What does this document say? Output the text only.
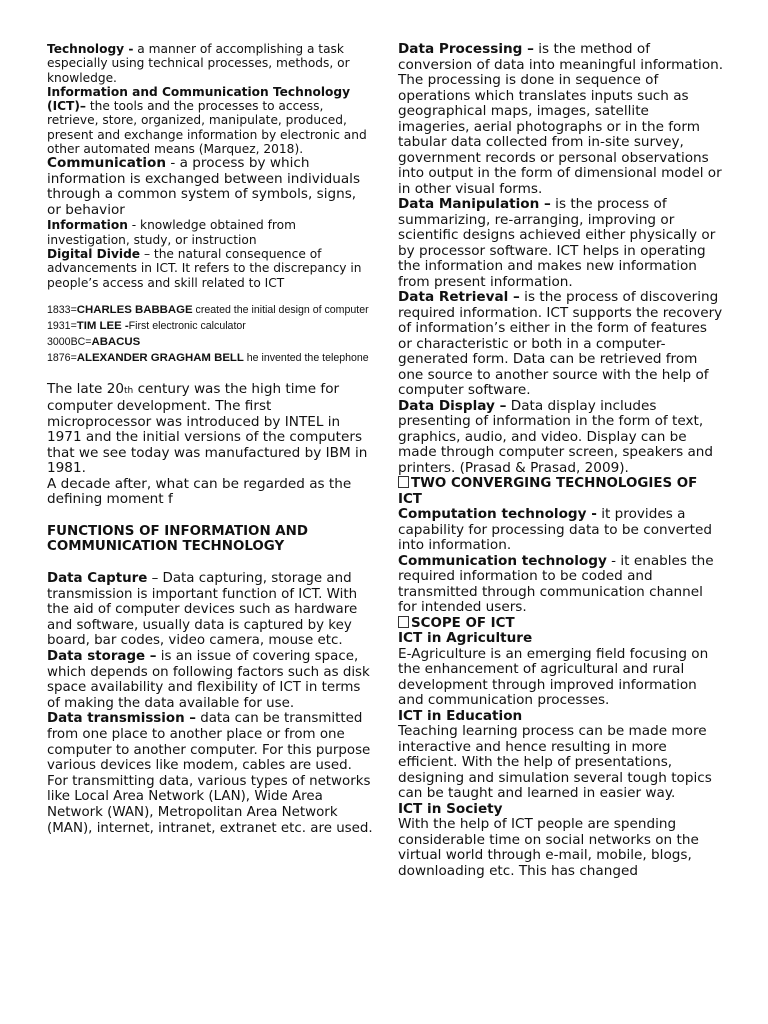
Technology - a manner of accomplishing a task especially using technical processes, methods, or knowledge.

Information and Communication Technology (ICT)– the tools and the processes to access, retrieve, store, organized, manipulate, produced, present and exchange information by electronic and other automated means (Marquez, 2018).

Communication - a process by which information is exchanged between individuals through a common system of symbols, signs, or behavior

Information - knowledge obtained from investigation, study, or instruction

Digital Divide – the natural consequence of advancements in ICT. It refers to the discrepancy in people’s access and skill related to ICT

1833=CHARLES BABBAGE created the initial design of computer

1931=TIM LEE -First electronic calculator

3000BC=ABACUS

1876=ALEXANDER GRAGHAM BELL he invented the telephone

The late 20th century was the high time for computer development. The first microprocessor was introduced by INTEL in 1971 and the initial versions of the computers that we see today was manufactured by IBM in 1981.

A decade after, what can be regarded as the defining moment f

FUNCTIONS OF INFORMATION AND COMMUNICATION TECHNOLOGY

Data Capture – Data capturing, storage and transmission is important function of ICT. With the aid of computer devices such as hardware and software, usually data is captured by key board, bar codes, video camera, mouse etc.

Data storage – is an issue of covering space, which depends on following factors such as disk space availability and flexibility of ICT in terms of making the data available for use.

Data transmission – data can be transmitted from one place to another place or from one computer to another computer. For this purpose various devices like modem, cables are used. For transmitting data, various types of networks like Local Area Network (LAN), Wide Area Network (WAN), Metropolitan Area Network (MAN), internet, intranet, extranet etc. are used.

Data Processing – is the method of conversion of data into meaningful information.

The processing is done in sequence of operations which translates inputs such as geographical maps, images, satellite imageries, aerial photographs or in the form tabular data collected from in-site survey, government records or personal observations into output in the form of dimensional model or in other visual forms.

Data Manipulation – is the process of summarizing, re-arranging, improving or scientific designs achieved either physically or by processor software. ICT helps in operating the information and makes new information from present information.

Data Retrieval – is the process of discovering required information. ICT supports the recovery of information’s either in the form of features or characteristic or both in a computer-generated form. Data can be retrieved from one source to another source with the help of computer software.

Data Display – Data display includes presenting of information in the form of text, graphics, audio, and video. Display can be made through computer screen, speakers and printers. (Prasad & Prasad, 2009).

TWO CONVERGING TECHNOLOGIES OF ICT

Computation technology - it provides a capability for processing data to be converted into information.

Communication technology - it enables the required information to be coded and transmitted through communication channel for intended users.

SCOPE OF ICT

ICT in Agriculture

E-Agriculture is an emerging field focusing on the enhancement of agricultural and rural development through improved information and communication processes.

ICT in Education

Teaching learning process can be made more interactive and hence resulting in more efficient. With the help of presentations, designing and simulation several tough topics can be taught and learned in easier way.

ICT in Society

With the help of ICT people are spending considerable time on social networks on the virtual world through e-mail, mobile, blogs, downloading etc. This has changed
